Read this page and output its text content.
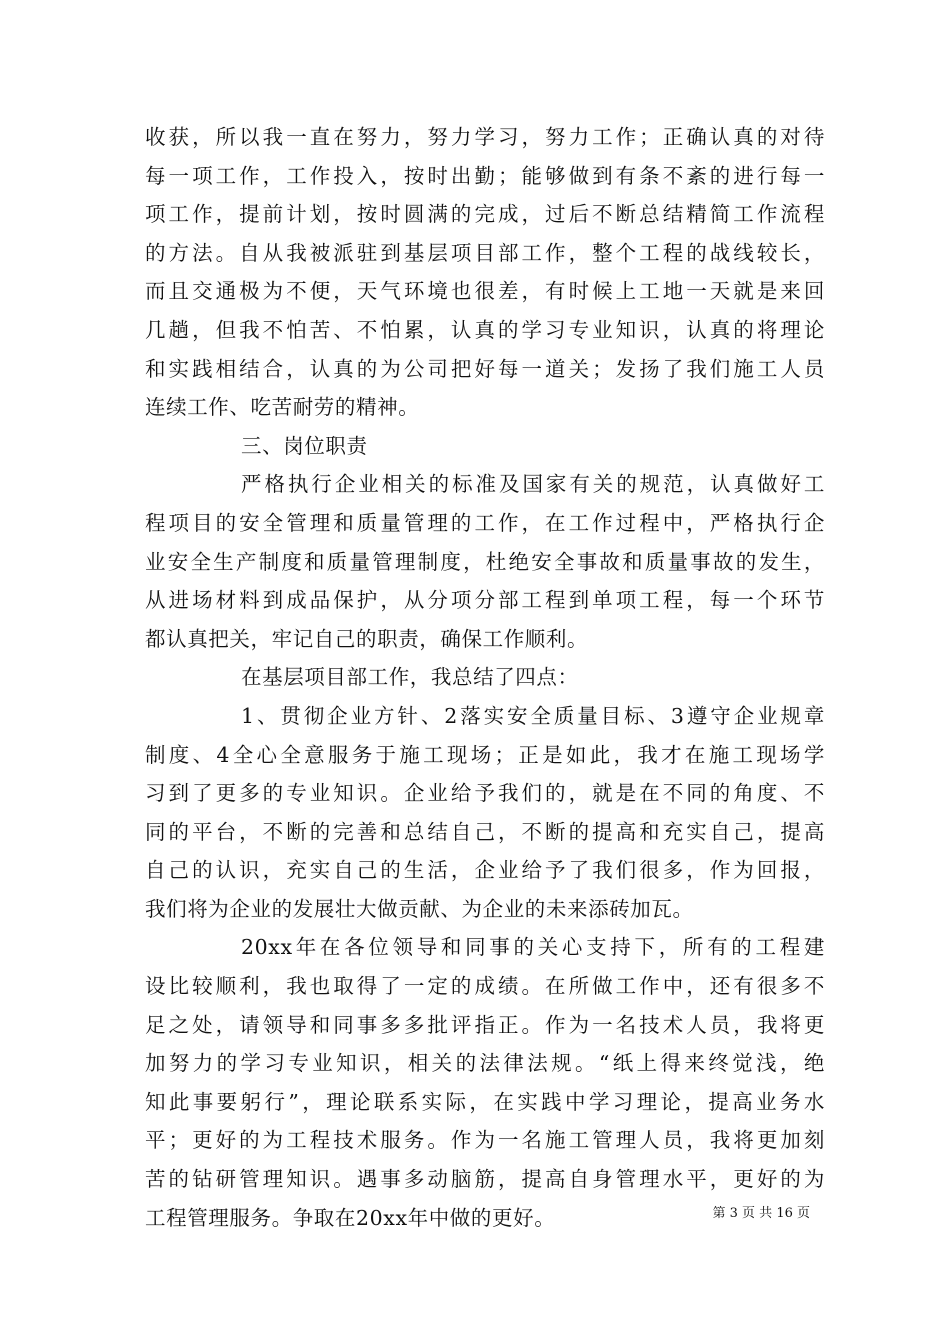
收获，所以我一直在努力，努力学习，努力工作；正确认真的对待
每一项工作，工作投入，按时出勤；能够做到有条不紊的进行每一
项工作，提前计划，按时圆满的完成，过后不断总结精简工作流程
的方法。自从我被派驻到基层项目部工作，整个工程的战线较长，
而且交通极为不便，天气环境也很差，有时候上工地一天就是来回
几趟，但我不怕苦、不怕累，认真的学习专业知识，认真的将理论
和实践相结合，认真的为公司把好每一道关；发扬了我们施工人员
连续工作、吃苦耐劳的精神。
三、岗位职责
严格执行企业相关的标准及国家有关的规范，认真做好工
程项目的安全管理和质量管理的工作，在工作过程中，严格执行企
业安全生产制度和质量管理制度，杜绝安全事故和质量事故的发生，
从进场材料到成品保护，从分项分部工程到单项工程，每一个环节
都认真把关，牢记自己的职责，确保工作顺利。
在基层项目部工作，我总结了四点：
1、贯彻企业方针、2落实安全质量目标、3遵守企业规章
制度、4全心全意服务于施工现场；正是如此，我才在施工现场学
习到了更多的专业知识。企业给予我们的，就是在不同的角度、不
同的平台，不断的完善和总结自己，不断的提高和充实自己，提高
自己的认识，充实自己的生活，企业给予了我们很多，作为回报，
我们将为企业的发展壮大做贡献、为企业的未来添砖加瓦。
20xx年在各位领导和同事的关心支持下，所有的工程建
设比较顺利，我也取得了一定的成绩。在所做工作中，还有很多不
足之处，请领导和同事多多批评指正。作为一名技术人员，我将更
加努力的学习专业知识，相关的法律法规。“纸上得来终觉浅，绝
知此事要躬行”，理论联系实际，在实践中学习理论，提高业务水
平；更好的为工程技术服务。作为一名施工管理人员，我将更加刻
苦的钻研管理知识。遇事多动脑筋，提高自身管理水平，更好的为
工程管理服务。争取在20xx年中做的更好。	第 3 页 共 16 页
